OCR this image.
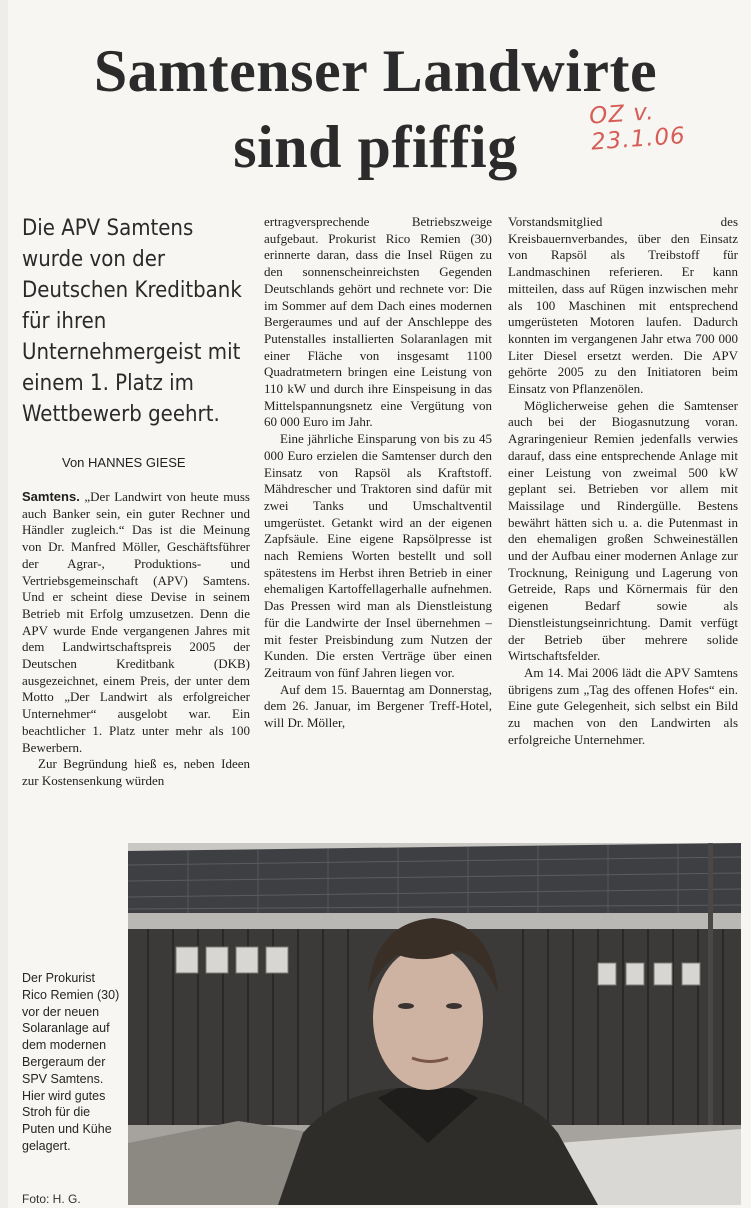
Samtenser Landwirte
sind pfiffig	OZ v. 23.1.06
Die APV Samtens wurde von der Deutschen Kreditbank für ihren Unternehmergeist mit einem 1. Platz im Wettbewerb geehrt.
Von HANNES GIESE

Samtens. „Der Landwirt von heute muss auch Banker sein, ein guter Rechner und Händler zugleich.“ Das ist die Meinung von Dr. Manfred Möller, Geschäftsführer der Agrar-, Produktions- und Vertriebsgemeinschaft (APV) Samtens. Und er scheint diese Devise in seinem Betrieb mit Erfolg umzusetzen. Denn die APV wurde Ende vergangenen Jahres mit dem Landwirtschaftspreis 2005 der Deutschen Kreditbank (DKB) ausgezeichnet, einem Preis, der unter dem Motto „Der Landwirt als erfolgreicher Unternehmer“ ausgelobt war. Ein beachtlicher 1. Platz unter mehr als 100 Bewerbern.

Zur Begründung hieß es, neben Ideen zur Kostensenkung würden

ertragversprechende Betriebszweige aufgebaut. Prokurist Rico Remien (30) erinnerte daran, dass die Insel Rügen zu den sonnenscheinreichsten Gegenden Deutschlands gehört und rechnete vor: Die im Sommer auf dem Dach eines modernen Bergeraumes und auf der Anschleppe des Putenstalles installierten Solaranlagen mit einer Fläche von insgesamt 1100 Quadratmetern bringen eine Leistung von 110 kW und durch ihre Einspeisung in das Mittelspannungsnetz eine Vergütung von 60 000 Euro im Jahr.

Eine jährliche Einsparung von bis zu 45 000 Euro erzielen die Samtenser durch den Einsatz von Rapsöl als Kraftstoff. Mähdrescher und Traktoren sind dafür mit zwei Tanks und Umschaltventil umgerüstet. Getankt wird an der eigenen Zapfsäule. Eine eigene Rapsölpresse ist nach Remiens Worten bestellt und soll spätestens im Herbst ihren Betrieb in einer ehemaligen Kartoffellagerhalle aufnehmen. Das Pressen wird man als Dienstleistung für die Landwirte der Insel übernehmen – mit fester Preisbindung zum Nutzen der Kunden. Die ersten Verträge über einen Zeitraum von fünf Jahren liegen vor.

Auf dem 15. Bauerntag am Donnerstag, dem 26. Januar, im Bergener Treff-Hotel, will Dr. Möller,

Vorstandsmitglied des Kreisbauernverbandes, über den Einsatz von Rapsöl als Treibstoff für Landmaschinen referieren. Er kann mitteilen, dass auf Rügen inzwischen mehr als 100 Maschinen mit entsprechend umgerüsteten Motoren laufen. Dadurch konnten im vergangenen Jahr etwa 700 000 Liter Diesel ersetzt werden. Die APV gehörte 2005 zu den Initiatoren beim Einsatz von Pflanzenölen.

Möglicherweise gehen die Samtenser auch bei der Biogasnutzung voran. Agraringenieur Remien jedenfalls verwies darauf, dass eine entsprechende Anlage mit einer Leistung von zweimal 500 kW geplant sei. Betrieben vor allem mit Maissilage und Rindergülle. Bestens bewährt hätten sich u. a. die Putenmast in den ehemaligen großen Schweineställen und der Aufbau einer modernen Anlage zur Trocknung, Reinigung und Lagerung von Getreide, Raps und Körnermais für den eigenen Bedarf sowie als Dienstleistungseinrichtung. Damit verfügt der Betrieb über mehrere solide Wirtschaftsfelder.

Am 14. Mai 2006 lädt die APV Samtens übrigens zum „Tag des offenen Hofes“ ein. Eine gute Gelegenheit, sich selbst ein Bild zu machen von den Landwirten als erfolgreiche Unternehmer.

Der Prokurist Rico Remien (30) vor der neuen Solaranlage auf dem modernen Bergeraum der SPV Samtens. Hier wird gutes Stroh für die Puten und Kühe gelagert.
Foto: H. G.
